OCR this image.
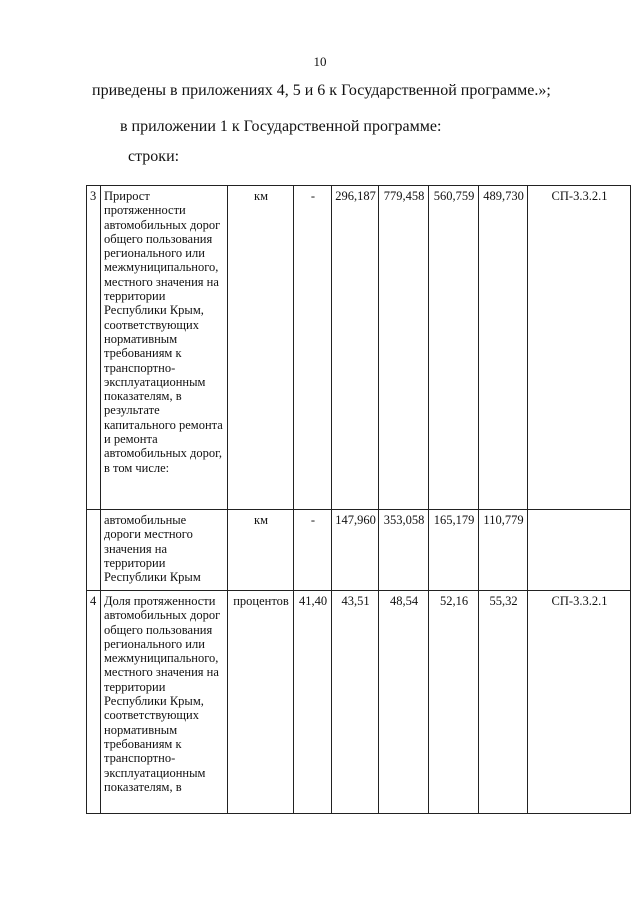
10
приведены в приложениях 4, 5 и 6 к Государственной программе.»;
в приложении 1 к Государственной программе:
строки:
3	Прирост протяженности автомобильных дорог общего пользования регионального или межмуниципального, местного значения на территории Республики Крым, соответствующих нормативным требованиям к транспортно-эксплуатационным показателям, в результате капитального ремонта и ремонта автомобильных дорог, в том числе:	км	-	296,187	779,458	560,759	489,730	СП-3.3.2.1
	автомобильные дороги местного значения на территории Республики Крым	км	-	147,960	353,058	165,179	110,779	
4	Доля протяженности автомобильных дорог общего пользования регионального или межмуниципального, местного значения на территории Республики Крым, соответствующих нормативным требованиям к транспортно-эксплуатационным показателям, в	процентов	41,40	43,51	48,54	52,16	55,32	СП-3.3.2.1
